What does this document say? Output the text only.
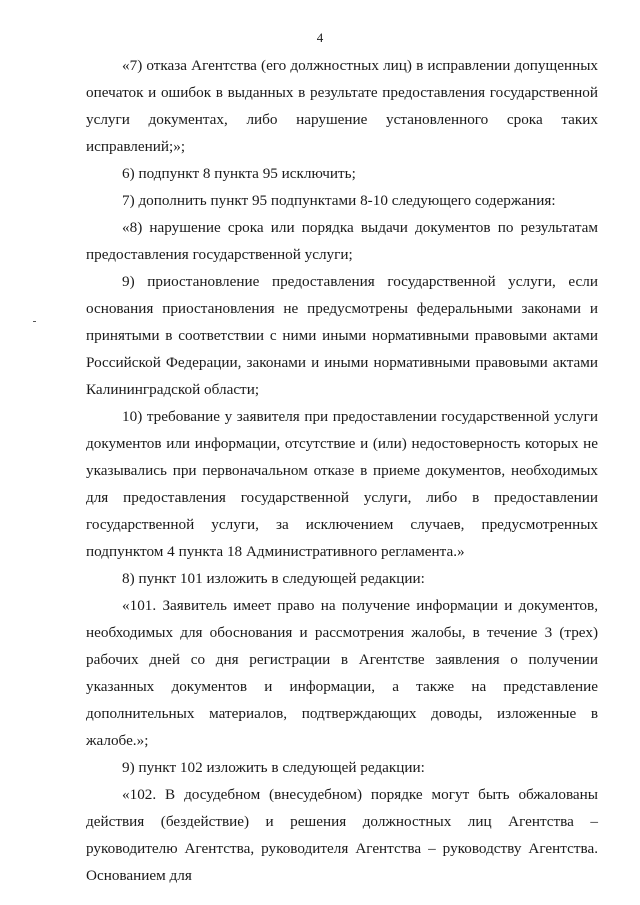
4

«7) отказа Агентства (его должностных лиц) в исправлении допущенных опечаток и ошибок в выданных в результате предоставления государственной услуги документах, либо нарушение установленного срока таких исправлений;»;

6) подпункт 8 пункта 95 исключить;

7) дополнить пункт 95 подпунктами 8-10 следующего содержания:

«8) нарушение срока или порядка выдачи документов по результатам предоставления государственной услуги;

9) приостановление предоставления государственной услуги, если основания приостановления не предусмотрены федеральными законами и принятыми в соответствии с ними иными нормативными правовыми актами Российской Федерации, законами и иными нормативными правовыми актами Калининградской области;

10) требование у заявителя при предоставлении государственной услуги документов или информации, отсутствие и (или) недостоверность которых не указывались при первоначальном отказе в приеме документов, необходимых для предоставления государственной услуги, либо в предоставлении государственной услуги, за исключением случаев, предусмотренных подпунктом 4 пункта 18 Административного регламента.»

8) пункт 101 изложить в следующей редакции:

«101. Заявитель имеет право на получение информации и документов, необходимых для обоснования и рассмотрения жалобы, в течение 3 (трех) рабочих дней со дня регистрации в Агентстве заявления о получении указанных документов и информации, а также на представление дополнительных материалов, подтверждающих доводы, изложенные в жалобе.»;

9) пункт 102 изложить в следующей редакции:

«102. В досудебном (внесудебном) порядке могут быть обжалованы действия (бездействие) и решения должностных лиц Агентства – руководителю Агентства, руководителя Агентства – руководству Агентства. Основанием для
